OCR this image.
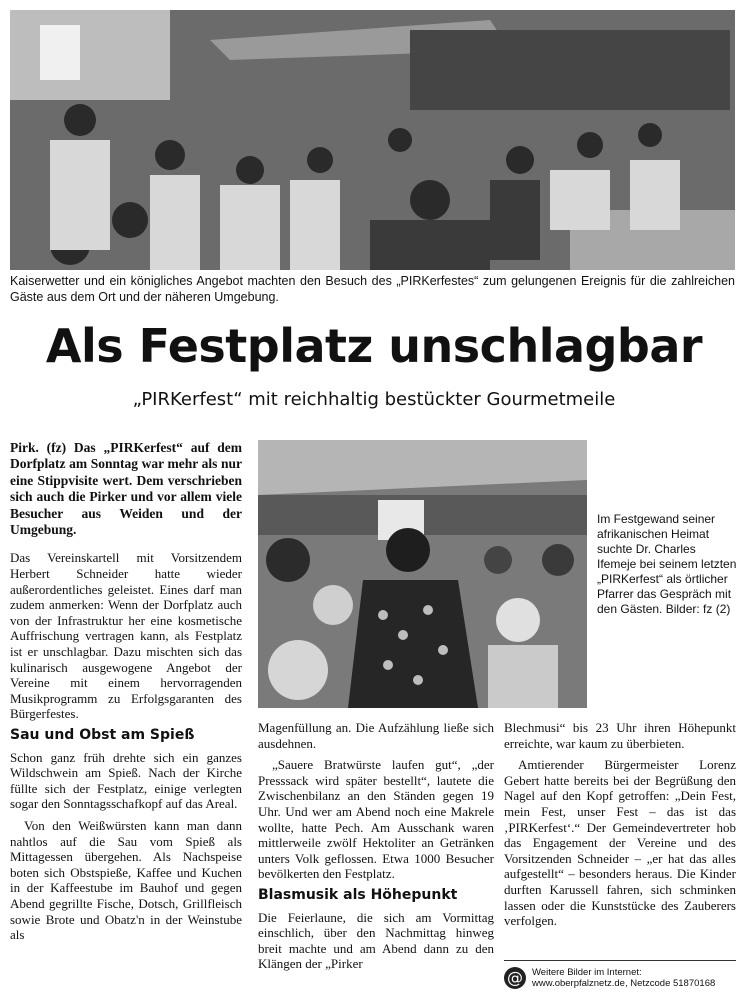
Kaiserwetter und ein königliches Angebot machten den Besuch des „PIRKerfestes“ zum gelungenen Ereignis für die zahlreichen Gäste aus dem Ort und der näheren Umgebung.
Als Festplatz unschlagbar
„PIRKerfest“ mit reichhaltig bestückter Gourmetmeile

Pirk. (fz) Das „PIRKerfest“ auf dem Dorfplatz am Sonntag war mehr als nur eine Stippvisite wert. Dem verschrieben sich auch die Pirker und vor allem viele Besucher aus Weiden und der Umgebung.

Das Vereinskartell mit Vorsitzendem Herbert Schneider hatte wieder außerordentliches geleistet. Eines darf man zudem anmerken: Wenn der Dorfplatz auch von der Infrastruktur her eine kosmetische Auffrischung vertragen kann, als Festplatz ist er unschlagbar. Dazu mischten sich das kulinarisch ausgewogene Angebot der Vereine mit einem hervorragenden Musikprogramm zu Erfolgsgaranten des Bürgerfestes.

Sau und Obst am Spieß

Schon ganz früh drehte sich ein ganzes Wildschwein am Spieß. Nach der Kirche füllte sich der Festplatz, einige verlegten sogar den Sonntagsschafkopf auf das Areal.

Von den Weißwürsten kann man dann nahtlos auf die Sau vom Spieß als Mittagessen übergehen. Als Nachspeise boten sich Obstspieße, Kaffee und Kuchen in der Kaffeestube im Bauhof und gegen Abend gegrillte Fische, Dotsch, Grillfleisch sowie Brote und Obatz'n in der Weinstube als

Im Festgewand seiner afrikanischen Heimat suchte Dr. Charles Ifemeje bei seinem letzten „PIRKerfest“ als örtlicher Pfarrer das Gespräch mit den Gästen. Bilder: fz (2)

Magenfüllung an. Die Aufzählung ließe sich ausdehnen.

„Sauere Bratwürste laufen gut“, „der Presssack wird später bestellt“, lautete die Zwischenbilanz an den Ständen gegen 19 Uhr. Und wer am Abend noch eine Makrele wollte, hatte Pech. Am Ausschank waren mittlerweile zwölf Hektoliter an Getränken unters Volk geflossen. Etwa 1000 Besucher bevölkerten den Festplatz.

Blasmusik als Höhepunkt

Die Feierlaune, die sich am Vormittag einschlich, über den Nachmittag hinweg breit machte und am Abend dann zu den Klängen der „Pirker

Blechmusi“ bis 23 Uhr ihren Höhepunkt erreichte, war kaum zu überbieten.

Amtierender Bürgermeister Lorenz Gebert hatte bereits bei der Begrüßung den Nagel auf den Kopf getroffen: „Dein Fest, mein Fest, unser Fest – das ist das ‚PIRKerfest‘.“ Der Gemeindevertreter hob das Engagement der Vereine und des Vorsitzenden Schneider – „er hat das alles aufgestellt“ – besonders heraus. Die Kinder durften Karussell fahren, sich schminken lassen oder die Kunststücke des Zauberers verfolgen.

@ Weitere Bilder im Internet:
www.oberpfalznetz.de, Netzcode 51870168
